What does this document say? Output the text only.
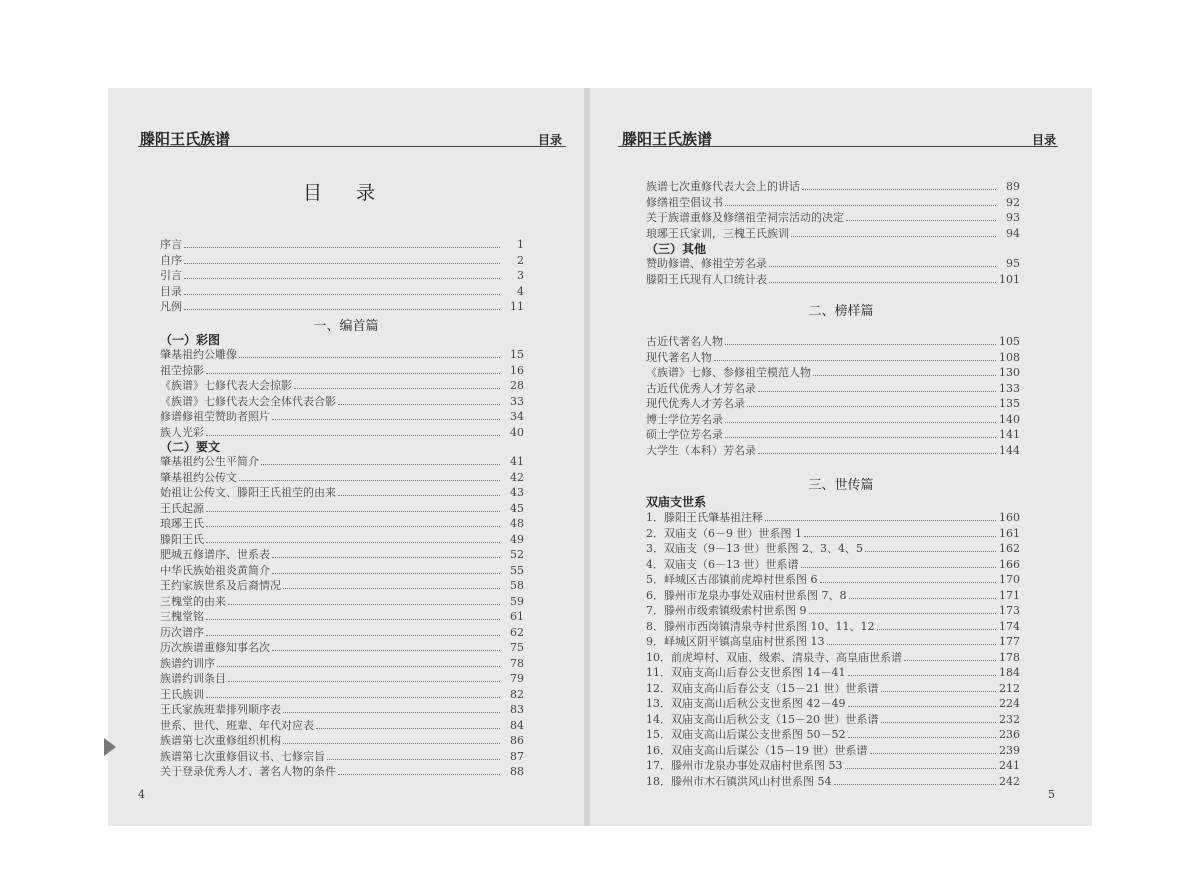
滕阳王氏族谱	目录
目 录
序言	1
自序	2
引言	3
目录	4
凡例	11
一、编首篇
（一）彩图
肇基祖约公雕像	15
祖茔掠影	16
《族谱》七修代表大会掠影	28
《族谱》七修代表大会全体代表合影	33
修谱修祖茔赞助者照片	34
族人光彩	40
（二）要文
肇基祖约公生平简介	41
肇基祖约公传文	42
始祖让公传文、滕阳王氏祖茔的由来	43
王氏起源	45
琅琊王氏	48
滕阳王氏	49
肥城五修谱序、世系表	52
中华氏族始祖炎黄简介	55
王约家族世系及后裔情况	58
三槐堂的由来	59
三槐堂铭	61
历次谱序	62
历次族谱重修知事名次	75
族谱约训序	78
族谱约训条目	79
王氏族训	82
王氏家族班辈排列顺序表	83
世系、世代、班辈、年代对应表	84
族谱第七次重修组织机构	86
族谱第七次重修倡议书、七修宗旨	87
关于登录优秀人才、著名人物的条件	88
4
滕阳王氏族谱	目录
族谱七次重修代表大会上的讲话	89
修缮祖茔倡议书	92
关于族谱重修及修缮祖茔祠宗活动的决定	93
琅琊王氏家训，三槐王氏族训	94
（三）其他
赞助修谱、修祖茔芳名录	95
滕阳王氏现有人口统计表	101
二、榜样篇
古近代著名人物	105
现代著名人物	108
《族谱》七修、参修祖茔模范人物	130
古近代优秀人才芳名录	133
现代优秀人才芳名录	135
博士学位芳名录	140
硕士学位芳名录	141
大学生（本科）芳名录	144
三、世传篇
双庙支世系
1．滕阳王氏肇基祖注释	160
2．双庙支（6－9 世）世系图 1	161
3．双庙支（9－13 世）世系图 2、3、4、5	162
4．双庙支（6－13 世）世系谱	166
5．峄城区古邵镇前虎埠村世系图 6	170
6．滕州市龙泉办事处双庙村世系图 7、8	171
7．滕州市级索镇级索村世系图 9	173
8．滕州市西岗镇清泉寺村世系图 10、11、12	174
9．峄城区阴平镇高皇庙村世系图 13	177
10．前虎埠村、双庙、级索、清泉寺、高皇庙世系谱	178
11．双庙支高山后春公支世系图 14－41	184
12．双庙支高山后春公支（15－21 世）世系谱	212
13．双庙支高山后秋公支世系图 42－49	224
14．双庙支高山后秋公支（15－20 世）世系谱	232
15．双庙支高山后谋公支世系图 50－52	236
16．双庙支高山后谋公（15－19 世）世系谱	239
17．滕州市龙泉办事处双庙村世系图 53	241
18．滕州市木石镇洪风山村世系图 54	242
5
